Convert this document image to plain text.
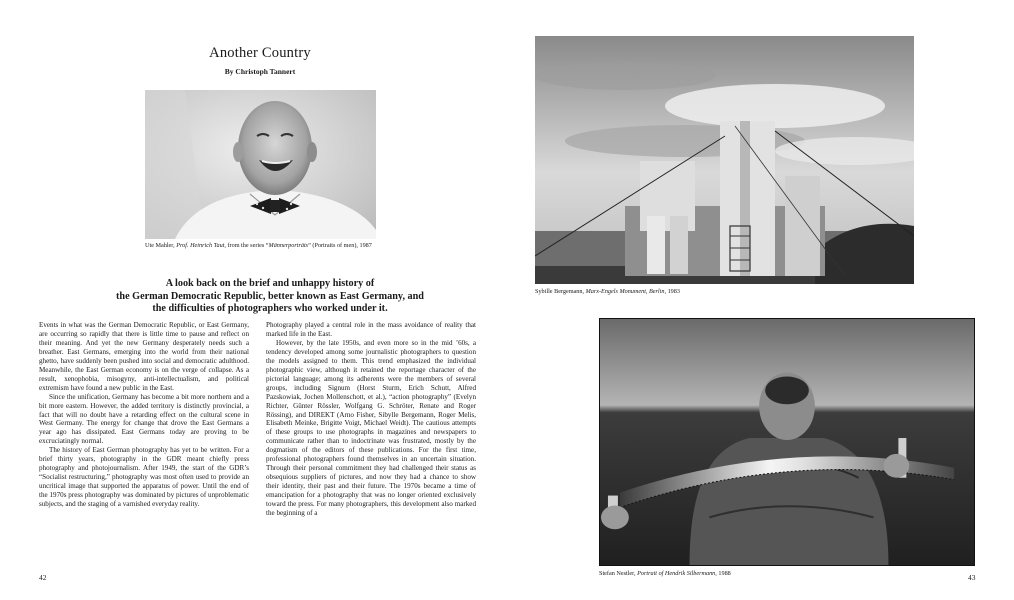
Another Country
By Christoph Tannert
Ute Mahler, Prof. Heinrich Taut, from the series “Männerporträts” (Portraits of men), 1987
A look back on the brief and unhappy history of
the German Democratic Republic, better known as East Germany, and
the difficulties of photographers who worked under it.

Events in what was the German Democratic Republic, or East Germany, are occurring so rapidly that there is little time to pause and reflect on their meaning. And yet the new Germany desperately needs such a breather. East Germans, emerging into the world from their national ghetto, have suddenly been pushed into social and democratic adulthood. Meanwhile, the East German economy is on the verge of collapse. As a result, xenophobia, misogyny, anti-intellectualism, and political extremism have found a new public in the East.

Since the unification, Germany has become a bit more northern and a bit more eastern. However, the added territory is distinctly provincial, a fact that will no doubt have a retarding effect on the cultural scene in West Germany. The energy for change that drove the East Germans a year ago has dissipated. East Germans today are proving to be excruciatingly normal.

The history of East German photography has yet to be written. For a brief thirty years, photography in the GDR meant chiefly press photography and photojournalism. After 1949, the start of the GDR’s “Socialist restructuring,” photography was most often used to provide an uncritical image that supported the apparatus of power. Until the end of the 1970s press photography was dominated by pictures of unproblematic subjects, and the staging of a varnished everyday reality.

Photography played a central role in the mass avoidance of reality that marked life in the East.

However, by the late 1950s, and even more so in the mid ’60s, a tendency developed among some journalistic photographers to question the models assigned to them. This trend emphasized the individual photographic view, although it retained the reportage character of the pictorial language; among its adherents were the members of several groups, including Signum (Horst Sturm, Erich Schutt, Alfred Pazskowiak, Jochen Mollenschott, et al.), “action photography” (Evelyn Richter, Günter Rössler, Wolfgang G. Schröter, Renate and Roger Rössing), and DIREKT (Arno Fisher, Sibylle Bergemann, Roger Melis, Elisabeth Meinke, Brigitte Voigt, Michael Weidt). The cautious attempts of these groups to use photographs in magazines and newspapers to communicate rather than to indoctrinate was frustrated, mostly by the dogmatism of the editors of these publications. For the first time, professional photographers found themselves in an uncertain situation. Through their personal commitment they had challenged their status as obsequious suppliers of pictures, and now they had a chance to show their identity, their past and their future. The 1970s became a time of emancipation for a photography that was no longer oriented exclusively toward the press. For many photographers, this development also marked the beginning of a

42
Sybille Bergemann, Marx-Engels Monument, Berlin, 1983
Stefan Nestler, Portrait of Hendrik Silbermann, 1988	43
